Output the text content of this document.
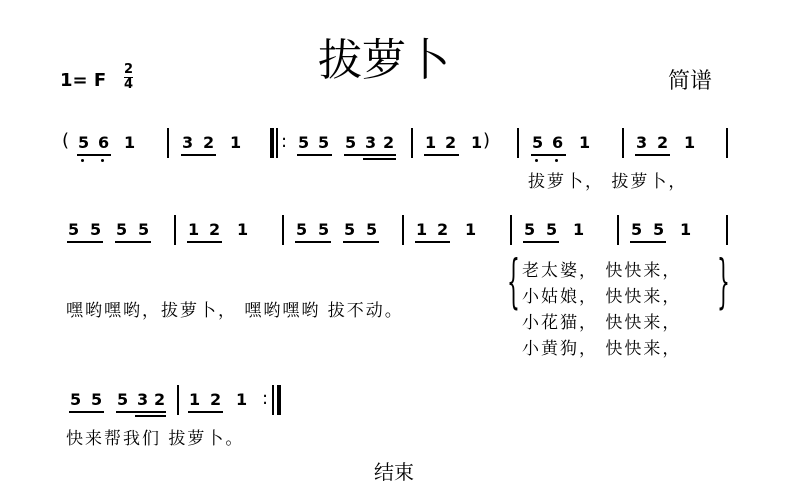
拔萝卜	简谱
1= F
2
4
( 5 6 1	3 2 1 : 5 5 5 3 2 1 2 1 )	5 6 1	3 2 1
拔萝卜， 拔萝卜，
5 5 5 5 1 2 1	5 5 5 5 1 2 1	5 5 1	5 5 1
嘿哟嘿哟，拔萝卜， 嘿哟嘿哟 拔不动。 {	}
老太婆， 快快来，
小姑娘， 快快来，
小花猫， 快快来，
小黄狗， 快快来，
5 5 5 3 2 1 2 1 :
快来帮我们 拔萝卜。
结束
